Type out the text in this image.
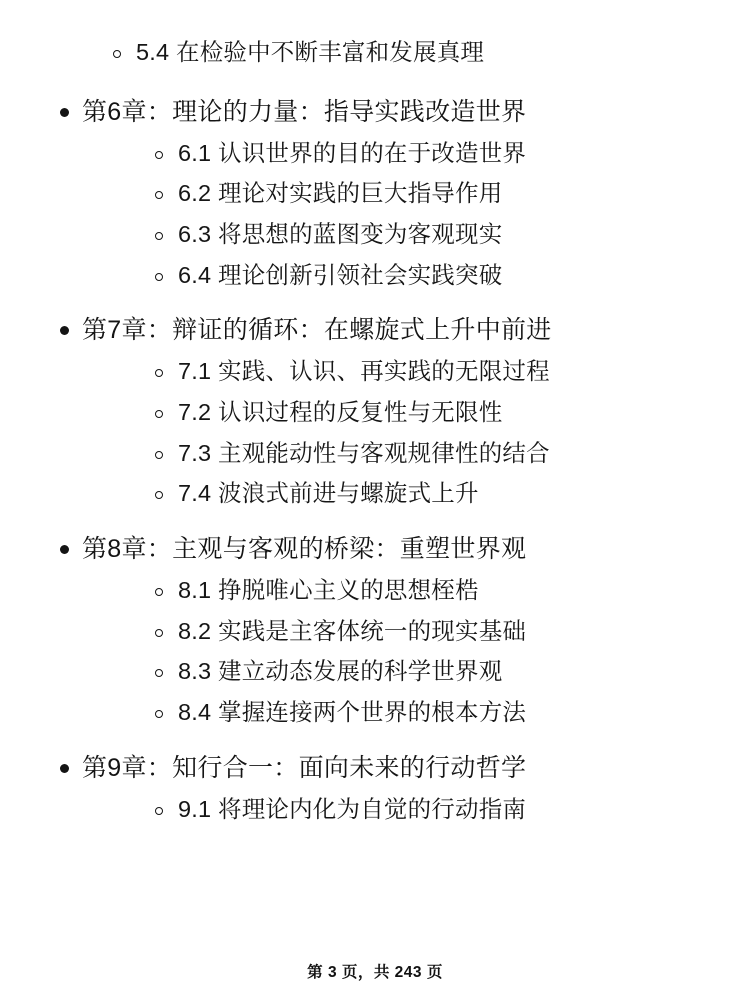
5.4 在检验中不断丰富和发展真理
第6章：理论的力量：指导实践改造世界
6.1 认识世界的目的在于改造世界
6.2 理论对实践的巨大指导作用
6.3 将思想的蓝图变为客观现实
6.4 理论创新引领社会实践突破
第7章：辩证的循环：在螺旋式上升中前进
7.1 实践、认识、再实践的无限过程
7.2 认识过程的反复性与无限性
7.3 主观能动性与客观规律性的结合
7.4 波浪式前进与螺旋式上升
第8章：主观与客观的桥梁：重塑世界观
8.1 挣脱唯心主义的思想桎梏
8.2 实践是主客体统一的现实基础
8.3 建立动态发展的科学世界观
8.4 掌握连接两个世界的根本方法
第9章：知行合一：面向未来的行动哲学
9.1 将理论内化为自觉的行动指南
第 3 页，共 243 页
